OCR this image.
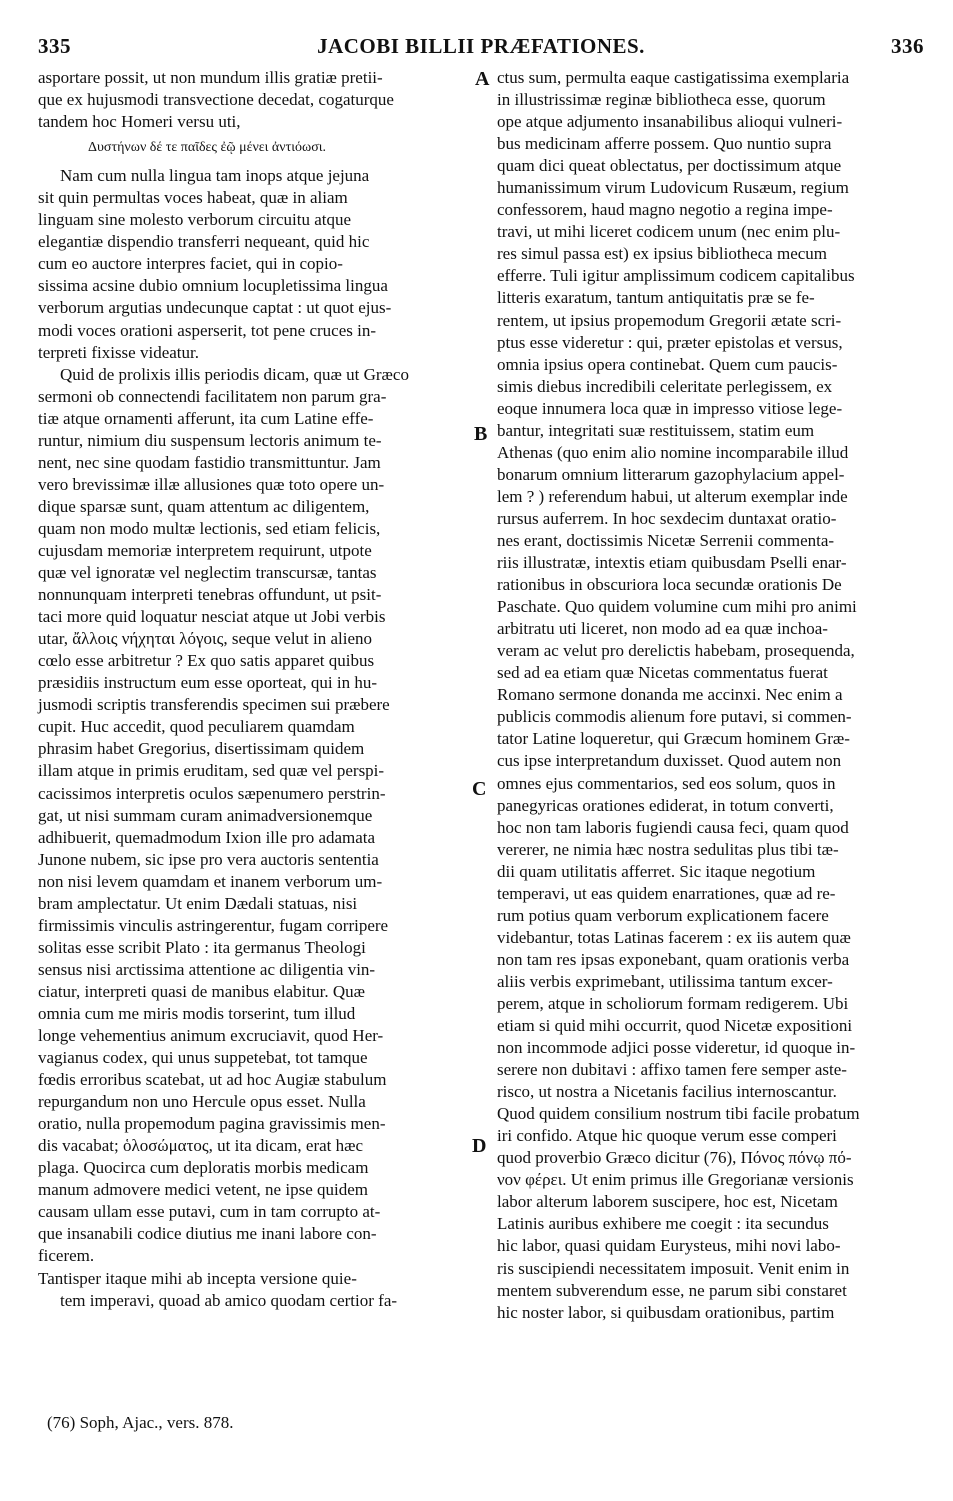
335	JACOBI BILLII PRÆFATIONES.	336
asportare possit, ut non mundum illis gratiæ pretii-
que ex hujusmodi transvectione decedat, cogaturque
tandem hoc Homeri versu uti,
Δυστήνων δέ τε παῖδες ἐῷ μένει ἀντιόωσι.
Nam cum nulla lingua tam inops atque jejuna
sit quin permultas voces habeat, quæ in aliam
linguam sine molesto verborum circuitu atque
elegantiæ dispendio transferri nequeant, quid hic
cum eo auctore interpres faciet, qui in copio-
sissima acsine dubio omnium locupletissima lingua
verborum argutias undecunque captat : ut quot ejus-
modi voces orationi asperserit, tot pene cruces in-
terpreti fixisse videatur.
Quid de prolixis illis periodis dicam, quæ ut Græco
sermoni ob connectendi facilitatem non parum gra-
tiæ atque ornamenti afferunt, ita cum Latine effe-
runtur, nimium diu suspensum lectoris animum te-
nent, nec sine quodam fastidio transmittuntur. Jam
vero brevissimæ illæ allusiones quæ toto opere un-
dique sparsæ sunt, quam attentum ac diligentem,
quam non modo multæ lectionis, sed etiam felicis,
cujusdam memoriæ interpretem requirunt, utpote
quæ vel ignoratæ vel neglectim transcursæ, tantas
nonnunquam interpreti tenebras offundunt, ut psit-
taci more quid loquatur nesciat atque ut Jobi verbis
utar, ἄλλοις νήχηται λόγοις, seque velut in alieno
cœlo esse arbitretur ? Ex quo satis apparet quibus
præsidiis instructum eum esse oporteat, qui in hu-
jusmodi scriptis transferendis specimen sui præbere
cupit. Huc accedit, quod peculiarem quamdam
phrasim habet Gregorius, disertissimam quidem
illam atque in primis eruditam, sed quæ vel perspi-
cacissimos interpretis oculos sæpenumero perstrin-
gat, ut nisi summam curam animadversionemque
adhibuerit, quemadmodum Ixion ille pro adamata
Junone nubem, sic ipse pro vera auctoris sententia
non nisi levem quamdam et inanem verborum um-
bram amplectatur. Ut enim Dædali statuas, nisi
firmissimis vinculis astringerentur, fugam corripere
solitas esse scribit Plato : ita germanus Theologi
sensus nisi arctissima attentione ac diligentia vin-
ciatur, interpreti quasi de manibus elabitur. Quæ
omnia cum me miris modis torserint, tum illud
longe vehementius animum excruciavit, quod Her-
vagianus codex, qui unus suppetebat, tot tamque
fœdis erroribus scatebat, ut ad hoc Augiæ stabulum
repurgandum non uno Hercule opus esset. Nulla
oratio, nulla propemodum pagina gravissimis men-
dis vacabat; ὁλοσώματος, ut ita dicam, erat hæc
plaga. Quocirca cum deploratis morbis medicam
manum admovere medici vetent, ne ipse quidem
causam ullam esse putavi, cum in tam corrupto at-
que insanabili codice diutius me inani labore con-
ficerem.
Tantisper itaque mihi ab incepta versione quie-
tem imperavi, quoad ab amico quodam certior fa-
ctus sum, permulta eaque castigatissima exemplaria
in illustrissimæ reginæ bibliotheca esse, quorum
ope atque adjumento insanabilibus alioqui vulneri-
bus medicinam afferre possem. Quo nuntio supra
quam dici queat oblectatus, per doctissimum atque
humanissimum virum Ludovicum Rusæum, regium
confessorem, haud magno negotio a regina impe-
travi, ut mihi liceret codicem unum (nec enim plu-
res simul passa est) ex ipsius bibliotheca mecum
efferre. Tuli igitur amplissimum codicem capitalibus
litteris exaratum, tantum antiquitatis præ se fe-
rentem, ut ipsius propemodum Gregorii ætate scri-
ptus esse videretur : qui, præter epistolas et versus,
omnia ipsius opera continebat. Quem cum paucis-
simis diebus incredibili celeritate perlegissem, ex
eoque innumera loca quæ in impresso vitiose lege-
bantur, integritati suæ restituissem, statim eum
Athenas (quo enim alio nomine incomparabile illud
bonarum omnium litterarum gazophylacium appel-
lem ? ) referendum habui, ut alterum exemplar inde
rursus auferrem. In hoc sexdecim duntaxat oratio-
nes erant, doctissimis Nicetæ Serrenii commenta-
riis illustratæ, intextis etiam quibusdam Pselli enar-
rationibus in obscuriora loca secundæ orationis De
Paschate. Quo quidem volumine cum mihi pro animi
arbitratu uti liceret, non modo ad ea quæ inchoa-
veram ac velut pro derelictis habebam, prosequenda,
sed ad ea etiam quæ Nicetas commentatus fuerat
Romano sermone donanda me accinxi. Nec enim a
publicis commodis alienum fore putavi, si commen-
tator Latine loqueretur, qui Græcum hominem Græ-
cus ipse interpretandum duxisset. Quod autem non
omnes ejus commentarios, sed eos solum, quos in
panegyricas orationes ediderat, in totum converti,
hoc non tam laboris fugiendi causa feci, quam quod
vererer, ne nimia hæc nostra sedulitas plus tibi tæ-
dii quam utilitatis afferret. Sic itaque negotium
temperavi, ut eas quidem enarrationes, quæ ad re-
rum potius quam verborum explicationem facere
videbantur, totas Latinas facerem : ex iis autem quæ
non tam res ipsas exponebant, quam orationis verba
aliis verbis exprimebant, utilissima tantum excer-
perem, atque in scholiorum formam redigerem. Ubi
etiam si quid mihi occurrit, quod Nicetæ expositioni
non incommode adjici posse videretur, id quoque in-
serere non dubitavi : affixo tamen fere semper aste-
risco, ut nostra a Nicetanis facilius internoscantur.
Quod quidem consilium nostrum tibi facile probatum
iri confido. Atque hic quoque verum esse comperi
quod proverbio Græco dicitur (76), Πόνος πόνῳ πό-
νον φέρει. Ut enim primus ille Gregorianæ versionis
labor alterum laborem suscipere, hoc est, Nicetam
Latinis auribus exhibere me coegit : ita secundus
hic labor, quasi quidam Eurysteus, mihi novi labo-
ris suscipiendi necessitatem imposuit. Venit enim in
mentem subverendum esse, ne parum sibi constaret
hic noster labor, si quibusdam orationibus, partim
A
B
C
D
(76) Soph, Ajac., vers. 878.
